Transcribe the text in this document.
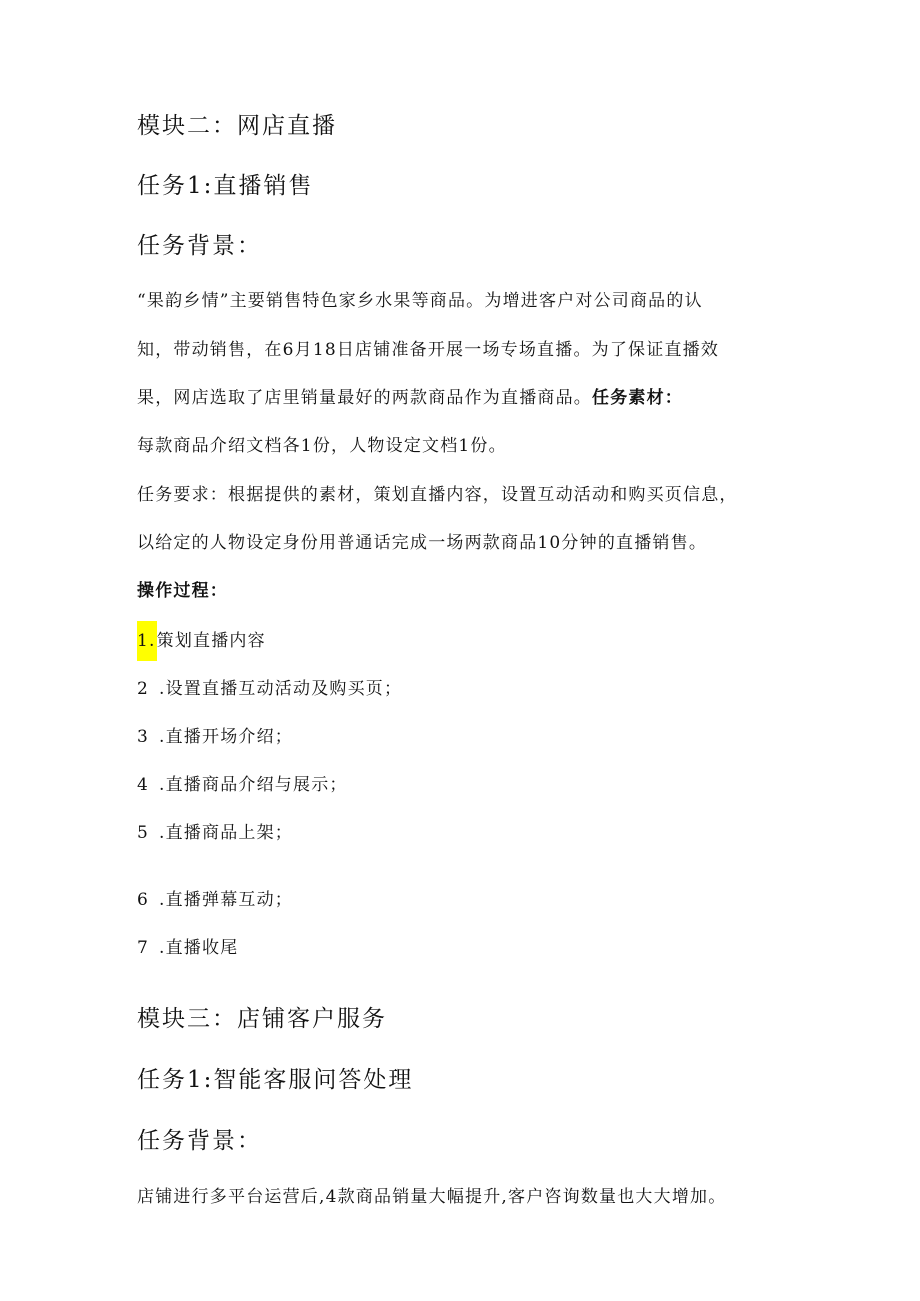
模块二：网店直播
任务1:直播销售
任务背景：

“果韵乡情”主要销售特色家乡水果等商品。为增进客户对公司商品的认

知，带动销售，在6月18日店铺准备开展一场专场直播。为了保证直播效

果，网店选取了店里销量最好的两款商品作为直播商品。任务素材：

每款商品介绍文档各1份，人物设定文档1份。

任务要求：根据提供的素材，策划直播内容，设置互动活动和购买页信息，

以给定的人物设定身份用普通话完成一场两款商品10分钟的直播销售。

操作过程：

1.策划直播内容

2 .设置直播互动活动及购买页；

3 .直播开场介绍；

4 .直播商品介绍与展示；

5 .直播商品上架；

6 .直播弹幕互动；

7 .直播收尾

模块三：店铺客户服务
任务1:智能客服问答处理
任务背景：

店铺进行多平台运营后,4款商品销量大幅提升,客户咨询数量也大大增加。
